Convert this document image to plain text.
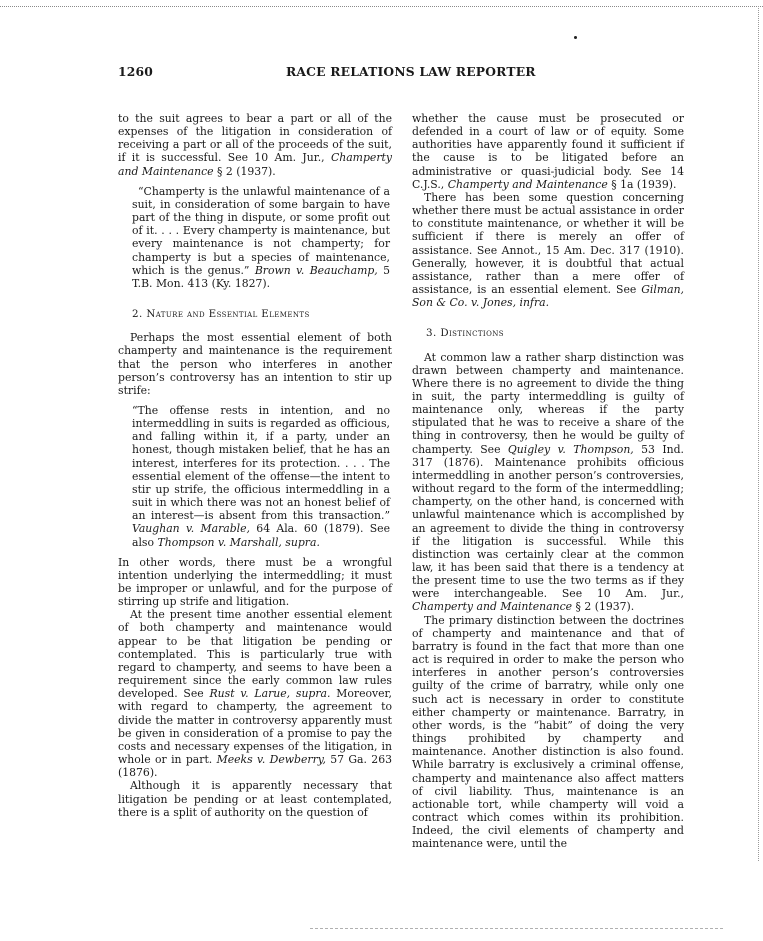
1260	RACE RELATIONS LAW REPORTER

to the suit agrees to bear a part or all of the expenses of the litigation in consideration of receiving a part or all of the proceeds of the suit, if it is successful. See 10 Am. Jur., Champerty and Maintenance § 2 (1937).

“Champerty is the unlawful maintenance of a suit, in consideration of some bargain to have part of the thing in dispute, or some profit out of it. . . . Every champerty is maintenance, but every maintenance is not champerty; for champerty is but a species of maintenance, which is the genus.” Brown v. Beauchamp, 5 T.B. Mon. 413 (Ky. 1827).

2. Nature and Essential Elements

Perhaps the most essential element of both champerty and maintenance is the requirement that the person who interferes in another person’s controversy has an intention to stir up strife:

“The offense rests in intention, and no intermeddling in suits is regarded as officious, and falling within it, if a party, under an honest, though mistaken belief, that he has an interest, interferes for its protection. . . . The essential element of the offense—the intent to stir up strife, the officious intermeddling in a suit in which there was not an honest belief of an interest—is absent from this transaction.” Vaughan v. Marable, 64 Ala. 60 (1879). See also Thompson v. Marshall, supra.

In other words, there must be a wrongful intention underlying the intermeddling; it must be improper or unlawful, and for the purpose of stirring up strife and litigation.

At the present time another essential element of both champerty and maintenance would appear to be that litigation be pending or contemplated. This is particularly true with regard to champerty, and seems to have been a requirement since the early common law rules developed. See Rust v. Larue, supra. Moreover, with regard to champerty, the agreement to divide the matter in controversy apparently must be given in consideration of a promise to pay the costs and necessary expenses of the litigation, in whole or in part. Meeks v. Dewberry, 57 Ga. 263 (1876).

Although it is apparently necessary that litigation be pending or at least contemplated, there is a split of authority on the question of

whether the cause must be prosecuted or defended in a court of law or of equity. Some authorities have apparently found it sufficient if the cause is to be litigated before an administrative or quasi-judicial body. See 14 C.J.S., Champerty and Maintenance § 1a (1939).

There has been some question concerning whether there must be actual assistance in order to constitute maintenance, or whether it will be sufficient if there is merely an offer of assistance. See Annot., 15 Am. Dec. 317 (1910). Generally, however, it is doubtful that actual assistance, rather than a mere offer of assistance, is an essential element. See Gilman, Son & Co. v. Jones, infra.

3. Distinctions

At common law a rather sharp distinction was drawn between champerty and maintenance. Where there is no agreement to divide the thing in suit, the party intermeddling is guilty of maintenance only, whereas if the party stipulated that he was to receive a share of the thing in controversy, then he would be guilty of champerty. See Quigley v. Thompson, 53 Ind. 317 (1876). Maintenance prohibits officious intermeddling in another person’s controversies, without regard to the form of the intermeddling; champerty, on the other hand, is concerned with unlawful maintenance which is accomplished by an agreement to divide the thing in controversy if the litigation is successful. While this distinction was certainly clear at the common law, it has been said that there is a tendency at the present time to use the two terms as if they were interchangeable. See 10 Am. Jur., Champerty and Maintenance § 2 (1937).

The primary distinction between the doctrines of champerty and maintenance and that of barratry is found in the fact that more than one act is required in order to make the person who interferes in another person’s controversies guilty of the crime of barratry, while only one such act is necessary in order to constitute either champerty or maintenance. Barratry, in other words, is the “habit” of doing the very things prohibited by champerty and maintenance. Another distinction is also found. While barratry is exclusively a criminal offense, champerty and maintenance also affect matters of civil liability. Thus, maintenance is an actionable tort, while champerty will void a contract which comes within its prohibition. Indeed, the civil elements of champerty and maintenance were, until the
